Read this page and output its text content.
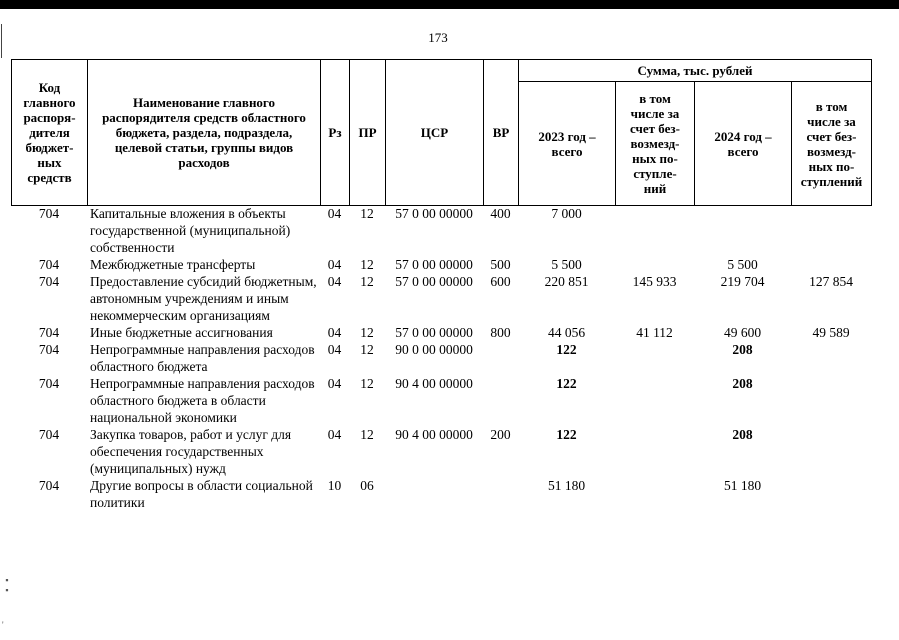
173
Код главного распоря-дителя бюджет-ных средств	Наименование главного распорядителя средств областного бюджета, раздела, подраздела, целевой статьи, группы видов расходов	Рз	ПР	ЦСР	ВР	Сумма, тыс. рублей			
						2023 год – всего	в том числе за счет без-возмезд-ных по-ступле-ний	2024 год – всего	в том числе за счет без-возмезд-ных по-ступлений
704	Капитальные вложения в объекты государственной (муниципальной) собственности	04	12	57 0 00 00000	400	7 000			
704	Межбюджетные трансферты	04	12	57 0 00 00000	500	5 500		5 500	
704	Предоставление субсидий бюджетным, автономным учреждениям и иным некоммерческим организациям	04	12	57 0 00 00000	600	220 851	145 933	219 704	127 854
704	Иные бюджетные ассигнования	04	12	57 0 00 00000	800	44 056	41 112	49 600	49 589
704	Непрограммные направления расходов областного бюджета	04	12	90 0 00 00000		122		208	
704	Непрограммные направления расходов областного бюджета в области национальной экономики	04	12	90 4 00 00000		122		208	
704	Закупка товаров, работ и услуг для обеспечения государственных (муниципальных) нужд	04	12	90 4 00 00000	200	122		208	
704	Другие вопросы в области социальной политики	10	06			51 180		51 180	
▪▪
'
